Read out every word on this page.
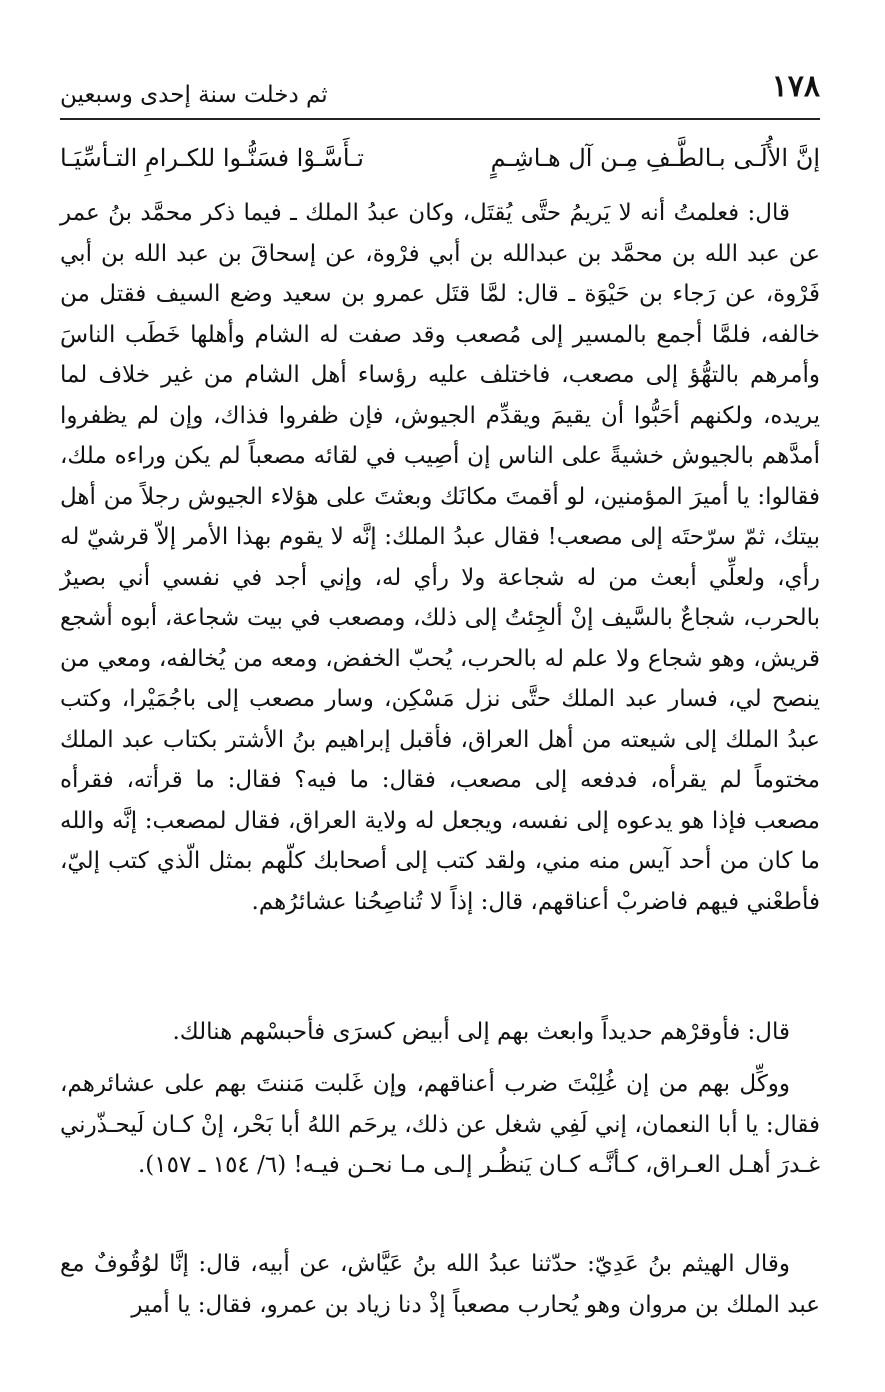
١٧٨
ثم دخلت سنة إحدى وسبعين
إنَّ الأُلَـى بـالطَّـفِ مِـن آل هـاشِـمٍ
تـأَسَّـوْا فسَنُّـوا للكـرامِ التـأسِّيَـا

قال: فعلمتُ أنه لا يَريمُ حتَّى يُقتَل، وكان عبدُ الملك ـ فيما ذكر محمَّد بنُ عمر عن عبد الله بن محمَّد بن عبدالله بن أبي فرْوة، عن إسحاقَ بن عبد الله بن أبي فَرْوة، عن رَجاء بن حَيْوَة ـ قال: لمَّا قتَل عمرو بن سعيد وضع السيف فقتل من خالفه، فلمَّا أجمع بالمسير إلى مُصعب وقد صفت له الشام وأهلها خَطَب الناسَ وأمرهم بالتهُّؤ إلى مصعب، فاختلف عليه رؤساء أهل الشام من غير خلاف لما يريده، ولكنهم أحَبُّوا أن يقيمَ ويقدِّم الجيوش، فإن ظفروا فذاك، وإن لم يظفروا أمدَّهم بالجيوش خشيةً على الناس إن أصِيب في لقائه مصعباً لم يكن وراءه ملك، فقالوا: يا أميرَ المؤمنين، لو أقمتَ مكانَك وبعثتَ على هؤلاء الجيوش رجلاً من أهل بيتك، ثمّ سرّحتَه إلى مصعب! فقال عبدُ الملك: إنَّه لا يقوم بهذا الأمر إلاّ قرشيّ له رأي، ولعلِّي أبعث من له شجاعة ولا رأي له، وإني أجد في نفسي أني بصيرٌ بالحرب، شجاعٌ بالسَّيف إنْ ألجِئتُ إلى ذلك، ومصعب في بيت شجاعة، أبوه أشجع قريش، وهو شجاع ولا علم له بالحرب، يُحبّ الخفض، ومعه من يُخالفه، ومعي من ينصح لي، فسار عبد الملك حتَّى نزل مَسْكِن، وسار مصعب إلى باجُمَيْرا، وكتب عبدُ الملك إلى شيعته من أهل العراق، فأقبل إبراهيم بنُ الأشتر بكتاب عبد الملك مختوماً لم يقرأه، فدفعه إلى مصعب، فقال: ما فيه؟ فقال: ما قرأته، فقرأه مصعب فإذا هو يدعوه إلى نفسه، ويجعل له ولاية العراق، فقال لمصعب: إنَّه والله ما كان من أحد آيس منه مني، ولقد كتب إلى أصحابك كلّهم بمثل الّذي كتب إليّ، فأطعْني فيهم فاضربْ أعناقهم، قال: إذاً لا تُناصِحُنا عشائرُهم.

قال: فأوقرْهم حديداً وابعث بهم إلى أبيض كسرَى فأحبسْهم هنالك.

ووكِّل بهم من إن غُلِبْتَ ضرب أعناقهم، وإن غَلبت مَننتَ بهم على عشائرهم، فقال: يا أبا النعمان، إني لَفِي شغل عن ذلك، يرحَم اللهُ أبا بَحْر، إنْ كـان لَيحـذّرني غـدرَ أهـل العـراق، كـأنَّـه كـان يَنظُـر إلـى مـا نحـن فيـه! (٦/ ١٥٤ ـ ١٥٧).

وقال الهيثم بنُ عَدِيّ: حدّثنا عبدُ الله بنُ عَيَّاش، عن أبيه، قال: إنَّا لوُقُوفٌ مع عبد الملك بن مروان وهو يُحارب مصعباً إذْ دنا زياد بن عمرو، فقال: يا أمير
